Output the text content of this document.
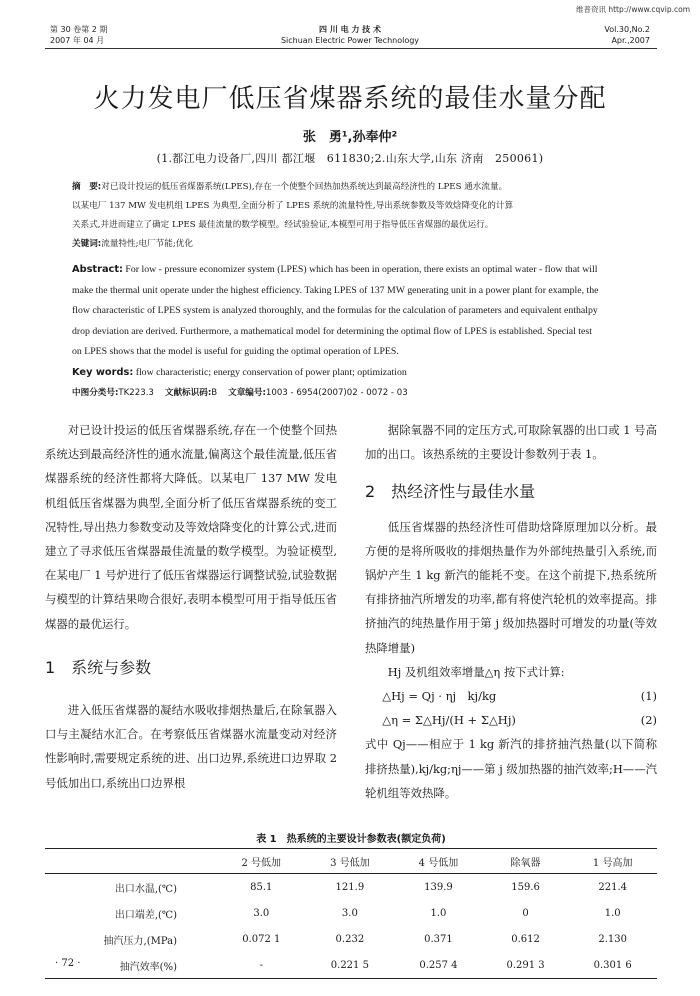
维普资讯 http://www.cqvip.com
第 30 卷第 2 期
2007 年 04 月
四 川 电 力 技 术
Sichuan Electric Power Technology
Vol.30,No.2
Apr.,2007
火力发电厂低压省煤器系统的最佳水量分配
张　勇¹,孙奉仲²
(1.都江电力设备厂,四川 都江堰　611830;2.山东大学,山东 济南　250061)
摘　要:对已设计投运的低压省煤器系统(LPES),存在一个使整个回热加热系统达到最高经济性的 LPES 通水流量。
以某电厂 137 MW 发电机组 LPES 为典型,全面分析了 LPES 系统的流量特性,导出系统参数及等效焓降变化的计算
关系式,并进而建立了确定 LPES 最佳流量的数学模型。经试验验证,本模型可用于指导低压省煤器的最优运行。
关键词:流量特性;电厂节能;优化
Abstract: For low - pressure economizer system (LPES) which has been in operation, there exists an optimal water - flow that will
make the thermal unit operate under the highest efficiency. Taking LPES of 137 MW generating unit in a power plant for example, the
flow characteristic of LPES system is analyzed thoroughly, and the formulas for the calculation of parameters and equivalent enthalpy
drop deviation are derived. Furthermore, a mathematical model for determining the optimal flow of LPES is established. Special test
on LPES shows that the model is useful for guiding the optimal operation of LPES.
Key words: flow characteristic; energy conservation of power plant; optimization
中图分类号:TK223.3 文献标识码:B 文章编号:1003 - 6954(2007)02 - 0072 - 03

对已设计投运的低压省煤器系统,存在一个使整个回热系统达到最高经济性的通水流量,偏离这个最佳流量,低压省煤器系统的经济性都将大降低。以某电厂 137 MW 发电机组低压省煤器为典型,全面分析了低压省煤器系统的变工况特性,导出热力参数变动及等效焓降变化的计算公式,进而建立了寻求低压省煤器最佳流量的数学模型。为验证模型,在某电厂 1 号炉进行了低压省煤器运行调整试验,试验数据与模型的计算结果吻合很好,表明本模型可用于指导低压省煤器的最优运行。

1　系统与参数

进入低压省煤器的凝结水吸收排烟热量后,在除氧器入口与主凝结水汇合。在考察低压省煤器水流量变动对经济性影响时,需要规定系统的进、出口边界,系统进口边界取 2 号低加出口,系统出口边界根

据除氧器不同的定压方式,可取除氧器的出口或 1 号高加的出口。该热系统的主要设计参数列于表 1。

2　热经济性与最佳水量

低压省煤器的热经济性可借助焓降原理加以分析。最方便的是将所吸收的排烟热量作为外部纯热量引入系统,而锅炉产生 1 kg 新汽的能耗不变。在这个前提下,热系统所有排挤抽汽所增发的功率,都有将使汽轮机的效率提高。排挤抽汽的纯热量作用于第 j 级加热器时可增发的功量(等效热降增量)

Hj 及机组效率增量△η 按下式计算:
△Hj = Qj · ηj　kj/kg	(1)
△η = Σ△Hj/(H + Σ△Hj)	(2)

式中 Qj——相应于 1 kg 新汽的排挤抽汽热量(以下简称排挤热量),kj/kg;ηj——第 j 级加热器的抽汽效率;H——汽轮机组等效热降。

表 1　热系统的主要设计参数表(额定负荷)
	2 号低加	3 号低加	4 号低加	除氧器	1 号高加
出口水温,(℃)	85.1	121.9	139.9	159.6	221.4
出口端差,(℃)	3.0	3.0	1.0	0	1.0
抽汽压力,(MPa)	0.072 1	0.232	0.371	0.612	2.130
抽汽效率(%)	-	0.221 5	0.257 4	0.291 3	0.301 6
· 72 ·
